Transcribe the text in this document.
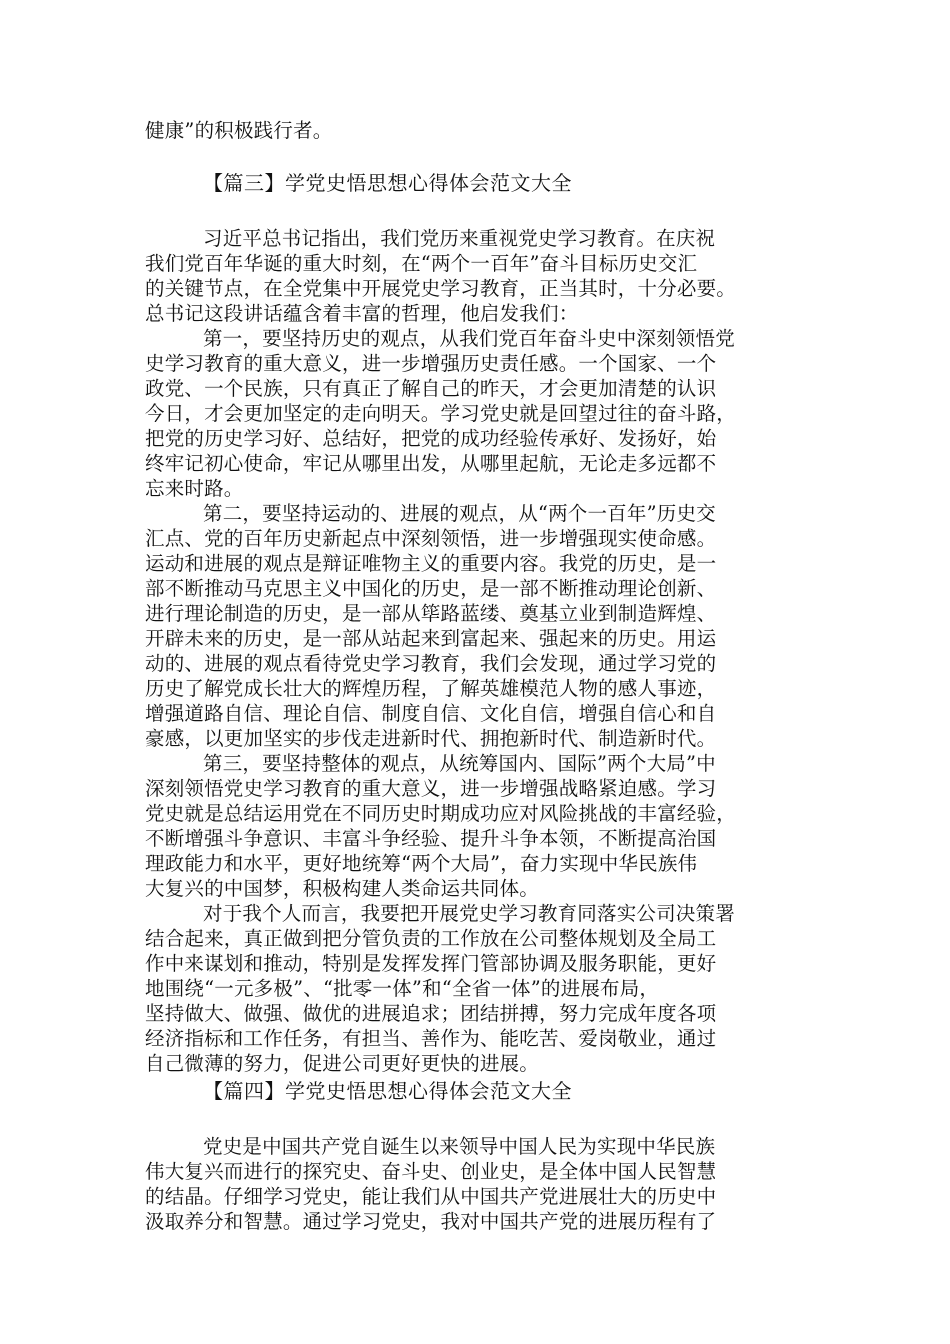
健康”的积极践行者。
【篇三】学党史悟思想心得体会范文大全
习近平总书记指出，我们党历来重视党史学习教育。在庆祝
我们党百年华诞的重大时刻，在“两个一百年”奋斗目标历史交汇
的关键节点，在全党集中开展党史学习教育，正当其时，十分必要。
总书记这段讲话蕴含着丰富的哲理，他启发我们：
第一，要坚持历史的观点，从我们党百年奋斗史中深刻领悟党
史学习教育的重大意义，进一步增强历史责任感。一个国家、一个
政党、一个民族，只有真正了解自己的昨天，才会更加清楚的认识
今日，才会更加坚定的走向明天。学习党史就是回望过往的奋斗路，
把党的历史学习好、总结好，把党的成功经验传承好、发扬好，始
终牢记初心使命，牢记从哪里出发，从哪里起航，无论走多远都不
忘来时路。
第二，要坚持运动的、进展的观点，从“两个一百年”历史交
汇点、党的百年历史新起点中深刻领悟，进一步增强现实使命感。
运动和进展的观点是辩证唯物主义的重要内容。我党的历史，是一
部不断推动马克思主义中国化的历史，是一部不断推动理论创新、
进行理论制造的历史，是一部从筚路蓝缕、奠基立业到制造辉煌、
开辟未来的历史，是一部从站起来到富起来、强起来的历史。用运
动的、进展的观点看待党史学习教育，我们会发现，通过学习党的
历史了解党成长壮大的辉煌历程，了解英雄模范人物的感人事迹，
增强道路自信、理论自信、制度自信、文化自信，增强自信心和自
豪感，以更加坚实的步伐走进新时代、拥抱新时代、制造新时代。
第三，要坚持整体的观点，从统筹国内、国际”两个大局”中
深刻领悟党史学习教育的重大意义，进一步增强战略紧迫感。学习
党史就是总结运用党在不同历史时期成功应对风险挑战的丰富经验，
不断增强斗争意识、丰富斗争经验、提升斗争本领，不断提高治国
理政能力和水平，更好地统筹“两个大局”，奋力实现中华民族伟
大复兴的中国梦，积极构建人类命运共同体。
对于我个人而言，我要把开展党史学习教育同落实公司决策署
结合起来，真正做到把分管负责的工作放在公司整体规划及全局工
作中来谋划和推动，特别是发挥发挥门管部协调及服务职能，更好
地围绕“一元多极”、“批零一体”和“全省一体”的进展布局，
坚持做大、做强、做优的进展追求；团结拼搏，努力完成年度各项
经济指标和工作任务，有担当、善作为、能吃苦、爱岗敬业，通过
自己微薄的努力，促进公司更好更快的进展。
【篇四】学党史悟思想心得体会范文大全
党史是中国共产党自诞生以来领导中国人民为实现中华民族
伟大复兴而进行的探究史、奋斗史、创业史，是全体中国人民智慧
的结晶。仔细学习党史，能让我们从中国共产党进展壮大的历史中
汲取养分和智慧。通过学习党史，我对中国共产党的进展历程有了
